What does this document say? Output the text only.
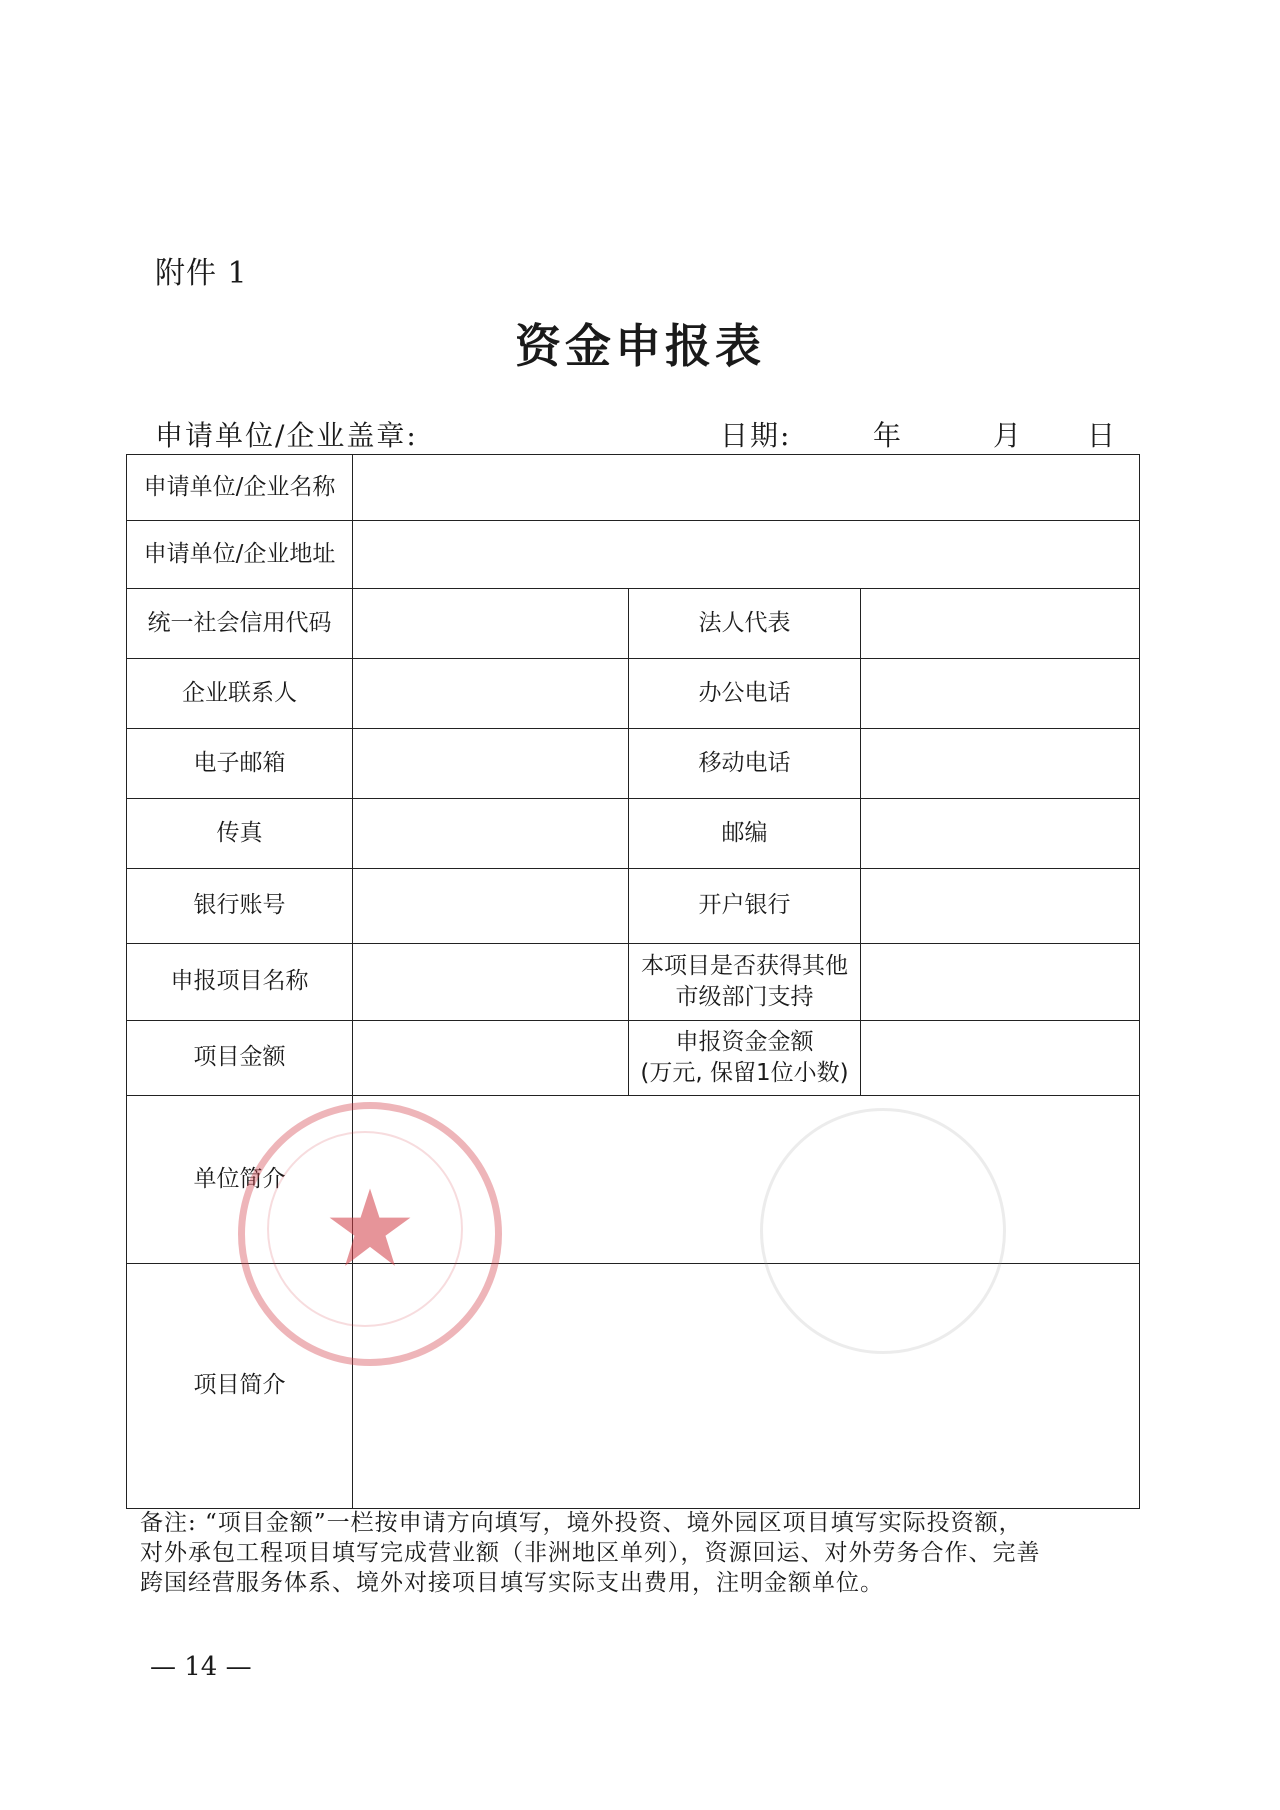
附件 1
资金申报表
申请单位/企业盖章:	日期:	年	月 日
申请单位/企业名称			
申请单位/企业地址			
统一社会信用代码		法人代表	
企业联系人		办公电话	
电子邮箱		移动电话	
传真		邮编	
银行账号		开户银行	
申报项目名称		本项目是否获得其他
市级部门支持	

项目金额		申报资金金额
(万元, 保留1位小数)	

单位简介			
项目简介			

备注: “项目金额”一栏按申请方向填写，境外投资、境外园区项目填写实际投资额，

对外承包工程项目填写完成营业额（非洲地区单列），资源回运、对外劳务合作、完善

跨国经营服务体系、境外对接项目填写实际支出费用，注明金额单位。

— 14 —
